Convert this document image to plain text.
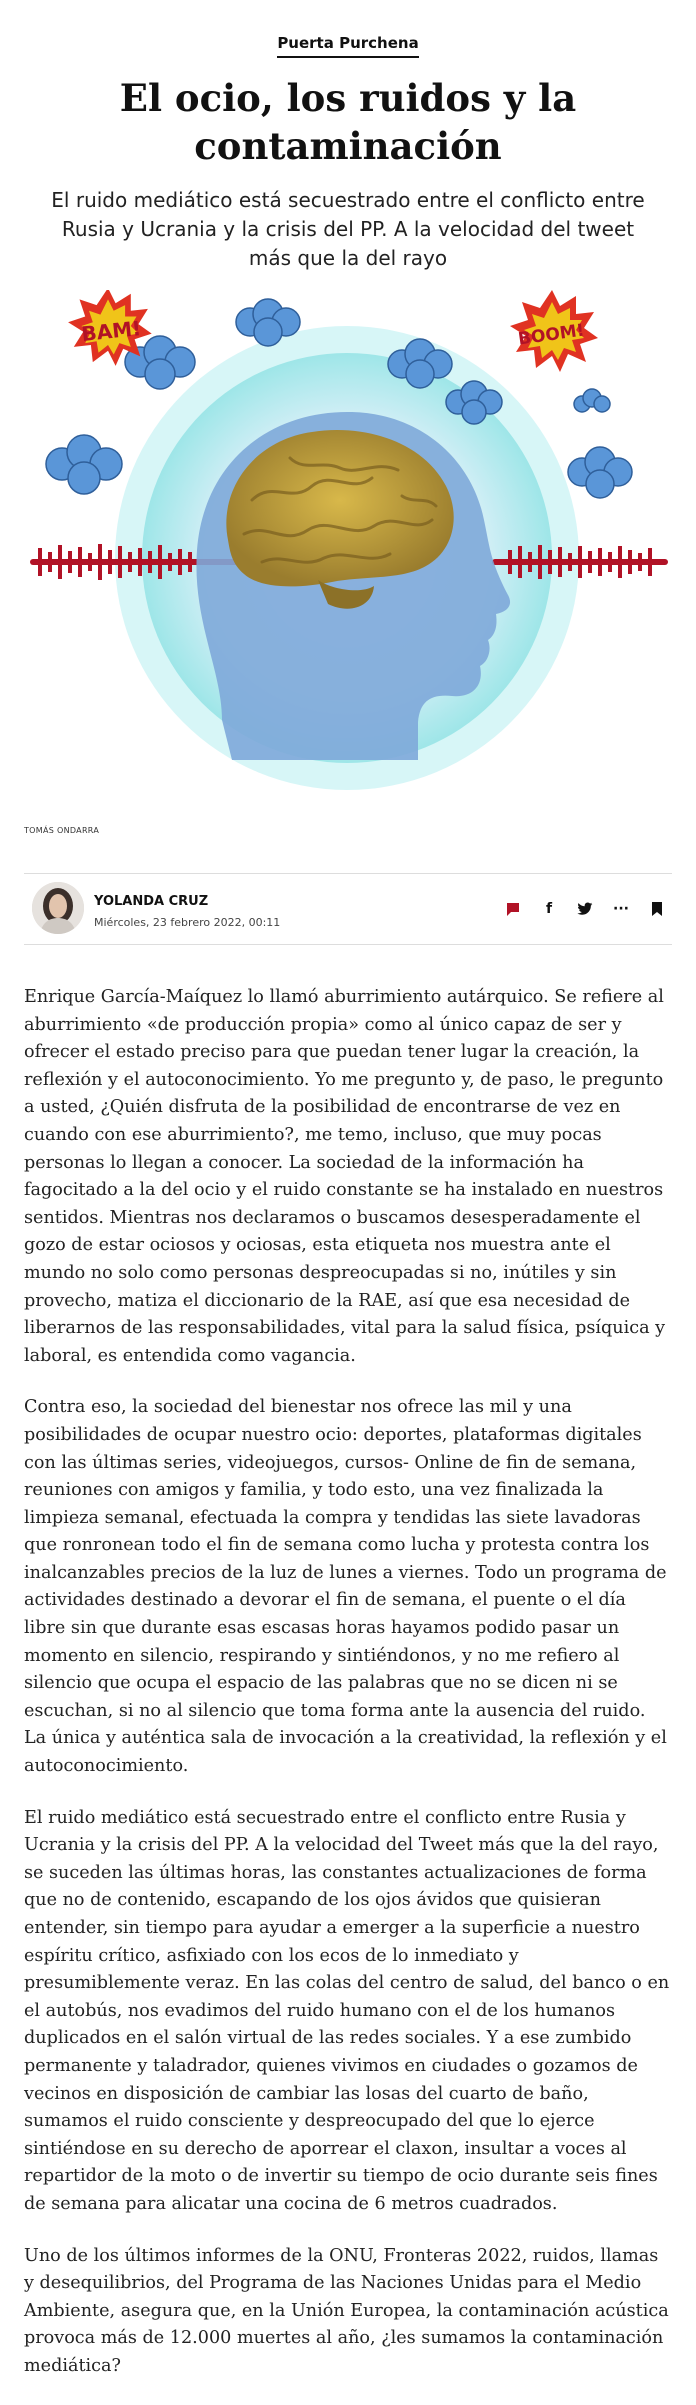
Puerta Purchena
El ocio, los ruidos y la contaminación

El ruido mediático está secuestrado entre el conflicto entre Rusia y Ucrania y la crisis del PP. A la velocidad del tweet más que la del rayo

BAM!	BOOM!
TOMÁS ONDARRA
YOLANDA CRUZ
Miércoles, 23 febrero 2022, 00:11
f	···

Enrique García-Maíquez lo llamó aburrimiento autárquico. Se refiere al aburrimiento «de producción propia» como al único capaz de ser y ofrecer el estado preciso para que puedan tener lugar la creación, la reflexión y el autoconocimiento. Yo me pregunto y, de paso, le pregunto a usted, ¿Quién disfruta de la posibilidad de encontrarse de vez en cuando con ese aburrimiento?, me temo, incluso, que muy pocas personas lo llegan a conocer. La sociedad de la información ha fagocitado a la del ocio y el ruido constante se ha instalado en nuestros sentidos. Mientras nos declaramos o buscamos desesperadamente el gozo de estar ociosos y ociosas, esta etiqueta nos muestra ante el mundo no solo como personas despreocupadas si no, inútiles y sin provecho, matiza el diccionario de la RAE, así que esa necesidad de liberarnos de las responsabilidades, vital para la salud física, psíquica y laboral, es entendida como vagancia.

Contra eso, la sociedad del bienestar nos ofrece las mil y una posibilidades de ocupar nuestro ocio: deportes, plataformas digitales con las últimas series, videojuegos, cursos- Online de fin de semana, reuniones con amigos y familia, y todo esto, una vez finalizada la limpieza semanal, efectuada la compra y tendidas las siete lavadoras que ronronean todo el fin de semana como lucha y protesta contra los inalcanzables precios de la luz de lunes a viernes. Todo un programa de actividades destinado a devorar el fin de semana, el puente o el día libre sin que durante esas escasas horas hayamos podido pasar un momento en silencio, respirando y sintiéndonos, y no me refiero al silencio que ocupa el espacio de las palabras que no se dicen ni se escuchan, si no al silencio que toma forma ante la ausencia del ruido. La única y auténtica sala de invocación a la creatividad, la reflexión y el autoconocimiento.

El ruido mediático está secuestrado entre el conflicto entre Rusia y Ucrania y la crisis del PP. A la velocidad del Tweet más que la del rayo, se suceden las últimas horas, las constantes actualizaciones de forma que no de contenido, escapando de los ojos ávidos que quisieran entender, sin tiempo para ayudar a emerger a la superficie a nuestro espíritu crítico, asfixiado con los ecos de lo inmediato y presumiblemente veraz. En las colas del centro de salud, del banco o en el autobús, nos evadimos del ruido humano con el de los humanos duplicados en el salón virtual de las redes sociales. Y a ese zumbido permanente y taladrador, quienes vivimos en ciudades o gozamos de vecinos en disposición de cambiar las losas del cuarto de baño, sumamos el ruido consciente y despreocupado del que lo ejerce sintiéndose en su derecho de aporrear el claxon, insultar a voces al repartidor de la moto o de invertir su tiempo de ocio durante seis fines de semana para alicatar una cocina de 6 metros cuadrados.

Uno de los últimos informes de la ONU, Fronteras 2022, ruidos, llamas y desequilibrios, del Programa de las Naciones Unidas para el Medio Ambiente, asegura que, en la Unión Europea, la contaminación acústica provoca más de 12.000 muertes al año, ¿les sumamos la contaminación mediática?
